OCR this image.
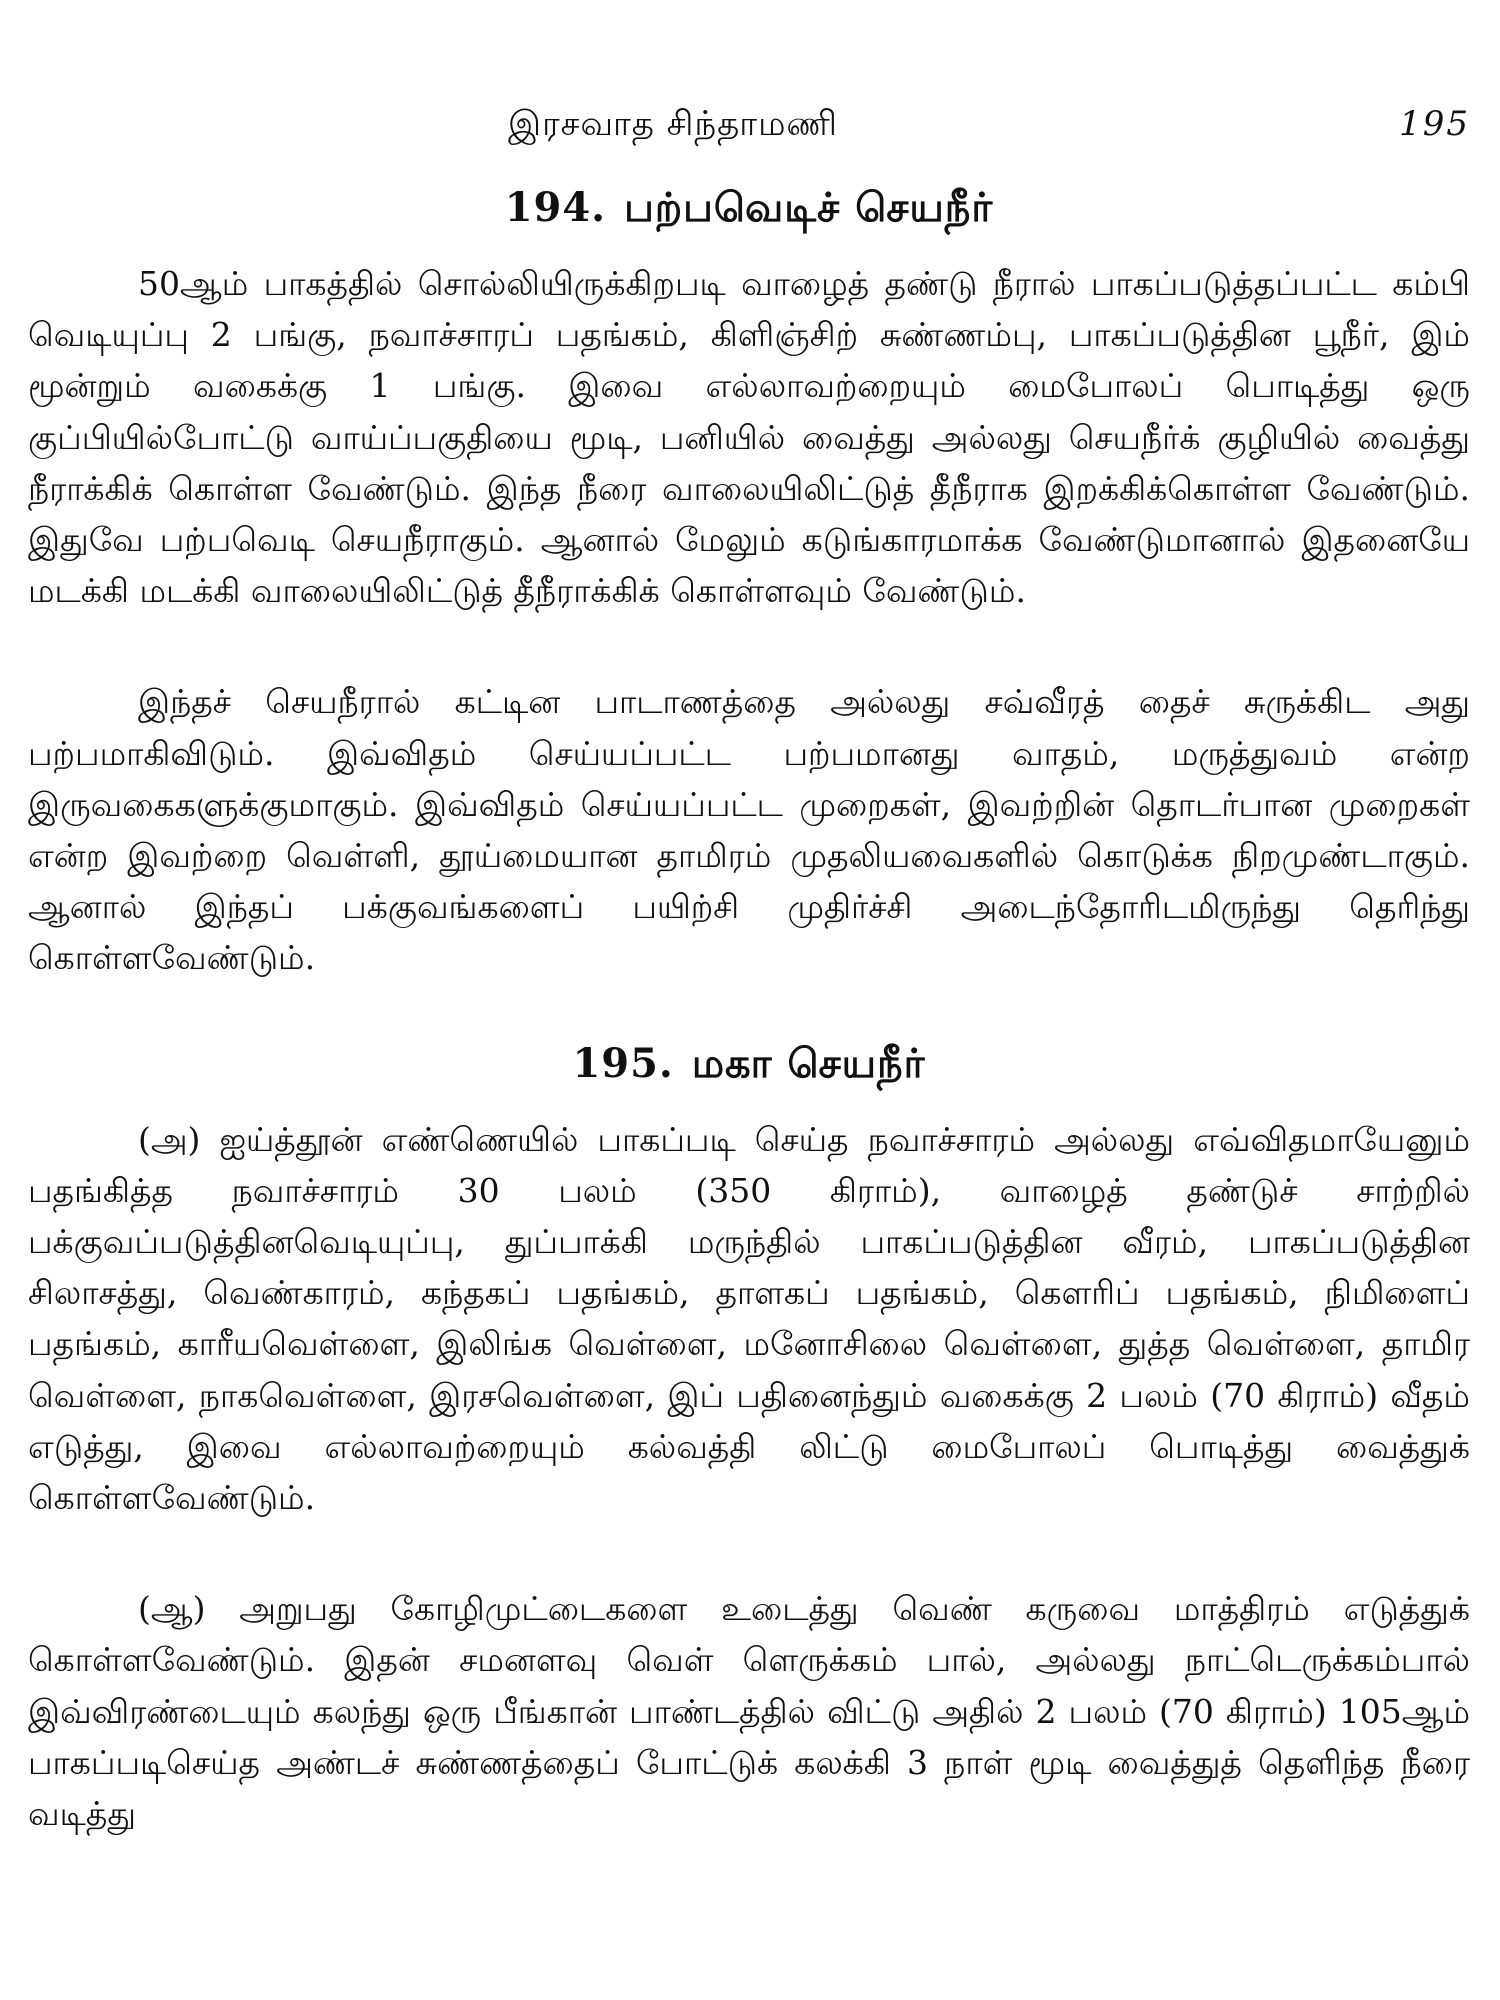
இரசவாத சிந்தாமணி	195
194. பற்பவெடிச் செயநீர்

50ஆம் பாகத்தில் சொல்லியிருக்கிறபடி வாழைத் தண்டு நீரால் பாகப்படுத்தப்பட்ட கம்பி வெடியுப்பு 2 பங்கு, நவாச்சாரப் பதங்கம், கிளிஞ்சிற் சுண்ணம்பு, பாகப்படுத்தின பூநீர், இம் மூன்றும் வகைக்கு 1 பங்கு. இவை எல்லாவற்றையும் மைபோலப் பொடித்து ஒரு குப்பியில்போட்டு வாய்ப்பகுதியை மூடி, பனியில் வைத்து அல்லது செயநீர்க் குழியில் வைத்து நீராக்கிக் கொள்ள வேண்டும். இந்த நீரை வாலையிலிட்டுத் தீநீராக இறக்கிக்கொள்ள வேண்டும். இதுவே பற்பவெடி செயநீராகும். ஆனால் மேலும் கடுங்காரமாக்க வேண்டுமானால் இதனையே மடக்கி மடக்கி வாலையிலிட்டுத் தீநீராக்கிக் கொள்ளவும் வேண்டும்.

இந்தச் செயநீரால் கட்டின பாடாணத்தை அல்லது சவ்வீரத் தைச் சுருக்கிட அது பற்பமாகிவிடும். இவ்விதம் செய்யப்பட்ட பற்பமானது வாதம், மருத்துவம் என்ற இருவகைகளுக்குமாகும். இவ்விதம் செய்யப்பட்ட முறைகள், இவற்றின் தொடர்பான முறைகள் என்ற இவற்றை வெள்ளி, தூய்மையான தாமிரம் முதலியவைகளில் கொடுக்க நிறமுண்டாகும். ஆனால் இந்தப் பக்குவங்களைப் பயிற்சி முதிர்ச்சி அடைந்தோரிடமிருந்து தெரிந்து கொள்ளவேண்டும்.

195. மகா செயநீர்

(அ) ஐய்த்தூன் எண்ணெயில் பாகப்படி செய்த நவாச்சாரம் அல்லது எவ்விதமாயேனும் பதங்கித்த நவாச்சாரம் 30 பலம் (350 கிராம்), வாழைத் தண்டுச் சாற்றில் பக்குவப்படுத்தினவெடியுப்பு, துப்பாக்கி மருந்தில் பாகப்படுத்தின வீரம், பாகப்படுத்தின சிலாசத்து, வெண்காரம், கந்தகப் பதங்கம், தாளகப் பதங்கம், கௌரிப் பதங்கம், நிமிளைப் பதங்கம், காரீயவெள்ளை, இலிங்க வெள்ளை, மனோசிலை வெள்ளை, துத்த வெள்ளை, தாமிர வெள்ளை, நாகவெள்ளை, இரசவெள்ளை, இப் பதினைந்தும் வகைக்கு 2 பலம் (70 கிராம்) வீதம் எடுத்து, இவை எல்லாவற்றையும் கல்வத்தி லிட்டு மைபோலப் பொடித்து வைத்துக் கொள்ளவேண்டும்.

(ஆ) அறுபது கோழிமுட்டைகளை உடைத்து வெண் கருவை மாத்திரம் எடுத்துக் கொள்ளவேண்டும். இதன் சமனளவு வெள் ளெருக்கம் பால், அல்லது நாட்டெருக்கம்பால் இவ்விரண்டையும் கலந்து ஒரு பீங்கான் பாண்டத்தில் விட்டு அதில் 2 பலம் (70 கிராம்) 105ஆம் பாகப்படிசெய்த அண்டச் சுண்ணத்தைப் போட்டுக் கலக்கி 3 நாள் மூடி வைத்துத் தெளிந்த நீரை வடித்து
